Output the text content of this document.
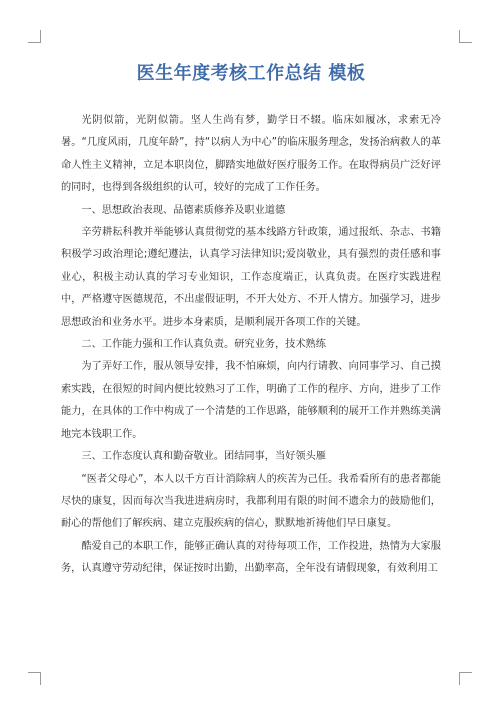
医生年度考核工作总结 模板

光阴似箭，光阴似箭。坚人生尚有梦，勤学日不辍。临床如履冰，求索无冷暑。“几度风雨，几度年龄”，持“以病人为中心”的临床服务理念，发扬治病救人的革命人性主义精神，立足本职岗位，脚踏实地做好医疗服务工作。在取得病员广泛好评的同时，也得到各级组织的认可，较好的完成了工作任务。

一、思想政治表现、品德素质修养及职业道德

辛劳耕耘科教并举能够认真贯彻党的基本线路方针政策，通过报纸、杂志、书籍积极学习政治理论;遵纪遵法，认真学习法律知识;爱岗敬业，具有强烈的责任感和事业心，积极主动认真的学习专业知识，工作态度端正，认真负责。在医疗实践进程中，严格遵守医德规范，不出虚假证明，不开大处方、不开人情方。加强学习，进步思想政治和业务水平。进步本身素质，是顺利展开各项工作的关键。

二、工作能力强和工作认真负责。研究业务，技术熟练

为了弄好工作，服从领导安排，我不怕麻烦，向内行请教、向同事学习、自己摸索实践，在很短的时间内便比较熟习了工作，明确了工作的程序、方向，进步了工作能力，在具体的工作中构成了一个清楚的工作思路，能够顺利的展开工作并熟练美满地完本钱职工作。

三、工作态度认真和勤奋敬业。团结同事，当好领头雁

“医者父母心”，本人以千方百计消除病人的疾苦为己任。我希看所有的患者都能尽快的康复，因而每次当我进进病房时，我都利用有限的时间不遗余力的鼓励他们，耐心的帮他们了解疾病、建立克服疾病的信心，默默地祈祷他们早日康复。

酷爱自己的本职工作，能够正确认真的对待每项工作，工作投进，热情为大家服务，认真遵守劳动纪律，保证按时出勤，出勤率高，全年没有请假现象，有效利用工
